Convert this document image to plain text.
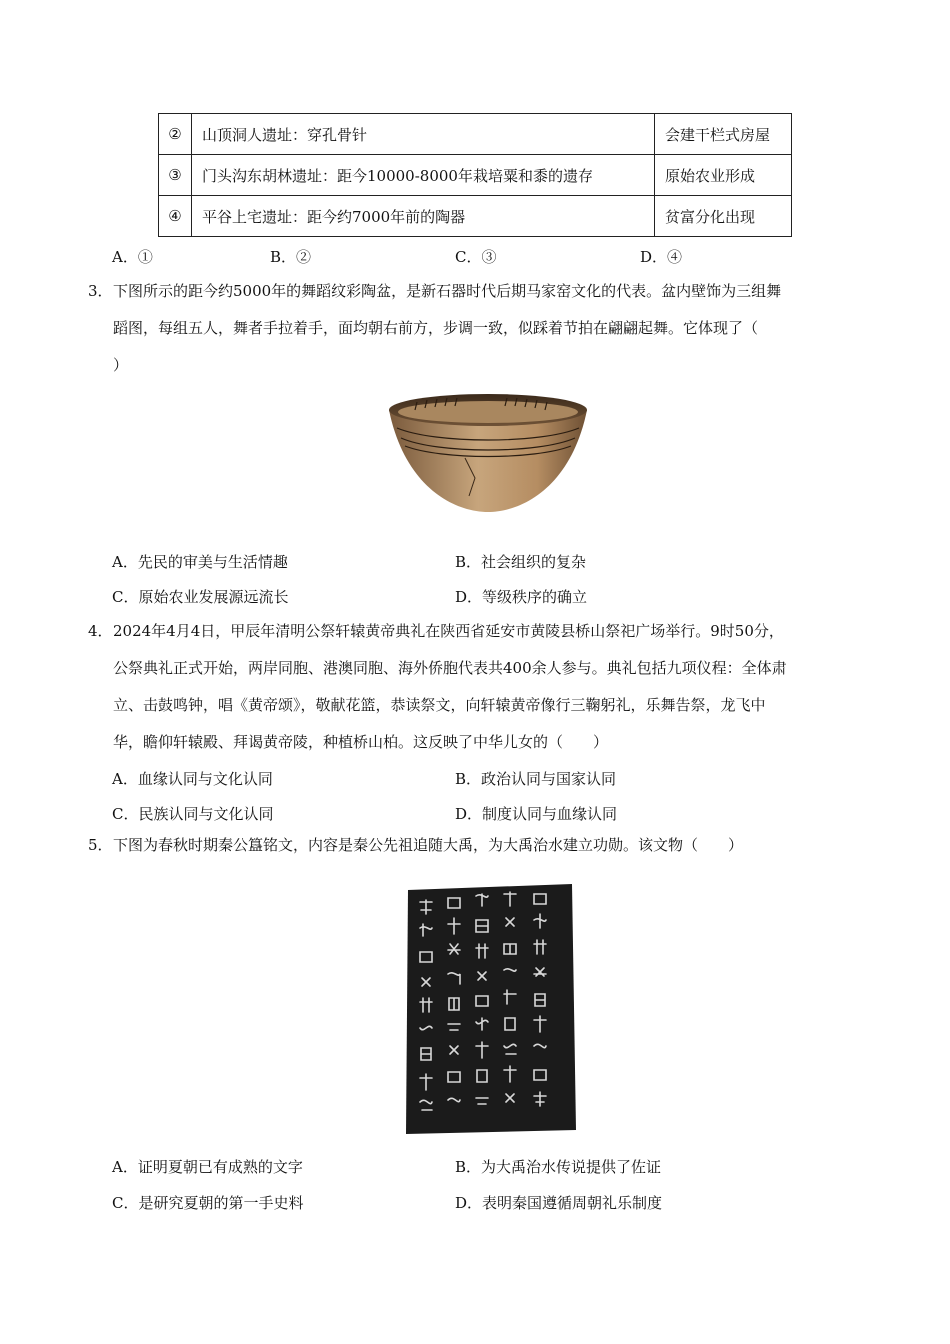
②	山顶洞人遗址：穿孔骨针	会建干栏式房屋
③	门头沟东胡林遗址：距今10000-8000年栽培粟和黍的遗存	原始农业形成
④	平谷上宅遗址：距今约7000年前的陶器	贫富分化出现
A．①	B．②	C．③	D．④
3．下图所示的距今约5000年的舞蹈纹彩陶盆，是新石器时代后期马家窑文化的代表。盆内壁饰为三组舞
蹈图，每组五人，舞者手拉着手，面均朝右前方，步调一致，似踩着节拍在翩翩起舞。它体现了（
）
A．先民的审美与生活情趣	B．社会组织的复杂
C．原始农业发展源远流长	D．等级秩序的确立
4．2024年4月4日，甲辰年清明公祭轩辕黄帝典礼在陕西省延安市黄陵县桥山祭祀广场举行。9时50分，
公祭典礼正式开始，两岸同胞、港澳同胞、海外侨胞代表共400余人参与。典礼包括九项仪程：全体肃
立、击鼓鸣钟，唱《黄帝颂》，敬献花篮，恭读祭文，向轩辕黄帝像行三鞠躬礼，乐舞告祭，龙飞中
华，瞻仰轩辕殿、拜谒黄帝陵，种植桥山柏。这反映了中华儿女的（　　）
A．血缘认同与文化认同	B．政治认同与国家认同
C．民族认同与文化认同	D．制度认同与血缘认同
5．下图为春秋时期秦公簋铭文，内容是秦公先祖追随大禹，为大禹治水建立功勋。该文物（　　）
A．证明夏朝已有成熟的文字	B．为大禹治水传说提供了佐证
C．是研究夏朝的第一手史料	D．表明秦国遵循周朝礼乐制度
